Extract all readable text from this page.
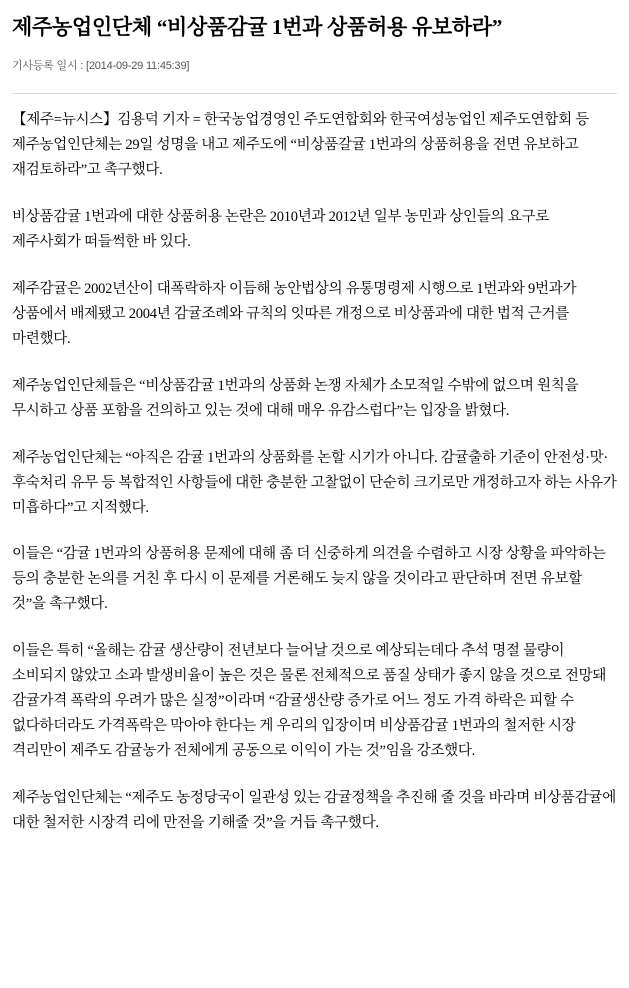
제주농업인단체 “비상품감귤 1번과 상품허용 유보하라”
기사등록 일시 : [2014-09-29 11:45:39]

【제주=뉴시스】김용덕 기자 = 한국농업경영인 주도연합회와 한국여성농업인 제주도연합회 등 제주농업인단체는 29일 성명을 내고 제주도에 “비상품갈귤 1번과의 상품허용을 전면 유보하고 재검토하라”고 촉구했다.

비상품감귤 1번과에 대한 상품허용 논란은 2010년과 2012년 일부 농민과 상인들의 요구로 제주사회가 떠들썩한 바 있다.

제주감귤은 2002년산이 대폭락하자 이듬해 농안법상의 유통명령제 시행으로 1번과와 9번과가 상품에서 배제됐고 2004년 감귤조례와 규칙의 잇따른 개정으로 비상품과에 대한 법적 근거를 마련했다.

제주농업인단체들은 “비상품감귤 1번과의 상품화 논쟁 자체가 소모적일 수밖에 없으며 원칙을 무시하고 상품 포함을 건의하고 있는 것에 대해 매우 유감스럽다”는 입장을 밝혔다.

제주농업인단체는 “아직은 감귤 1번과의 상품화를 논할 시기가 아니다. 감귤출하 기준이 안전성·맛·후숙처리 유무 등 복합적인 사항들에 대한 충분한 고찰없이 단순히 크기로만 개정하고자 하는 사유가 미흡하다”고 지적했다.

이들은 “감귤 1번과의 상품허용 문제에 대해 좀 더 신중하게 의견을 수렴하고 시장 상황을 파악하는 등의 충분한 논의를 거친 후 다시 이 문제를 거론해도 늦지 않을 것이라고 판단하며 전면 유보할 것”을 촉구했다.

이들은 특히 “올해는 감귤 생산량이 전년보다 늘어날 것으로 예상되는데다 추석 명절 물량이 소비되지 않았고 소과 발생비율이 높은 것은 물론 전체적으로 품질 상태가 좋지 않을 것으로 전망돼 감귤가격 폭락의 우려가 많은 실정”이라며 “감귤생산량 증가로 어느 정도 가격 하락은 피할 수 없다하더라도 가격폭락은 막아야 한다는 게 우리의 입장이며 비상품감귤 1번과의 철저한 시장 격리만이 제주도 감귤농가 전체에게 공동으로 이익이 가는 것”임을 강조했다.

제주농업인단체는 “제주도 농정당국이 일관성 있는 감귤정책을 추진해 줄 것을 바라며 비상품감귤에 대한 철저한 시장격 리에 만전을 기해줄 것”을 거듭 촉구했다.
